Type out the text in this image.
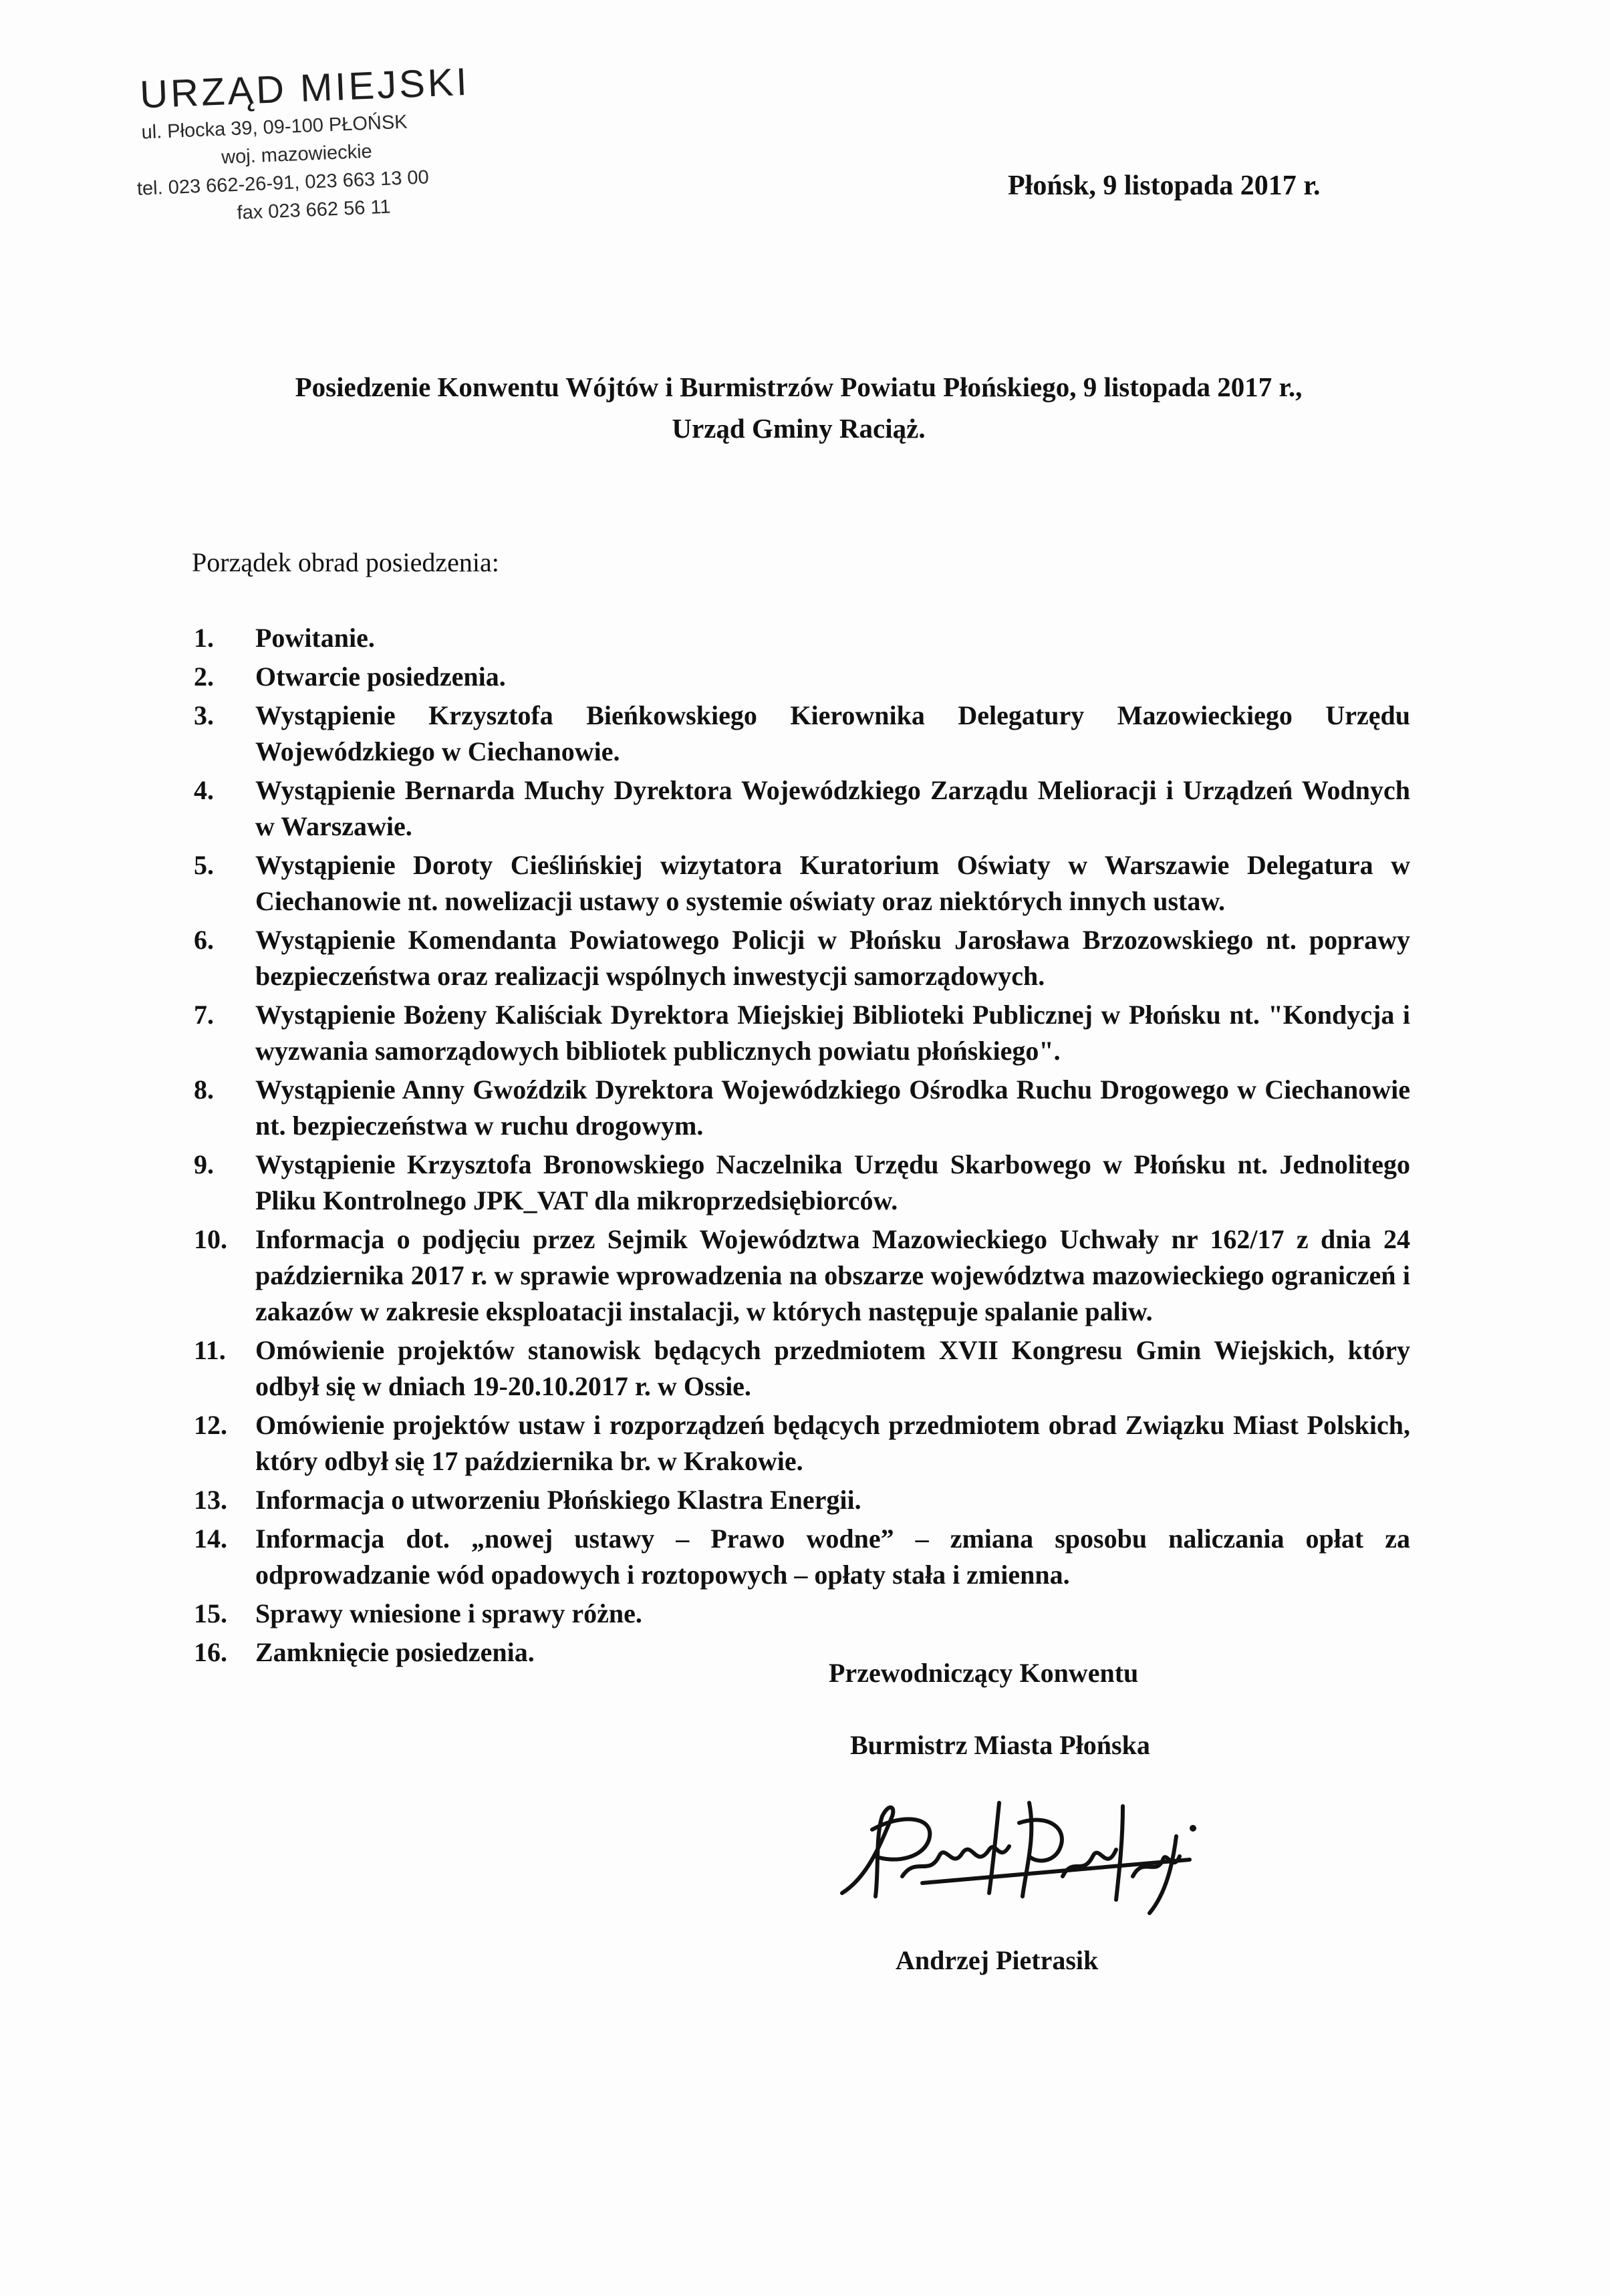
URZĄD MIEJSKI
ul. Płocka 39, 09-100 PŁOŃSK
woj. mazowieckie
tel. 023 662-26-91, 023 663 13 00
fax 023 662 56 11
Płońsk, 9 listopada 2017 r.
Posiedzenie Konwentu Wójtów i Burmistrzów Powiatu Płońskiego, 9 listopada 2017 r.,
Urząd Gminy Raciąż.
Porządek obrad posiedzenia:
1.	Powitanie.
2.	Otwarcie posiedzenia.
3.	Wystąpienie Krzysztofa Bieńkowskiego Kierownika Delegatury Mazowieckiego Urzędu Wojewódzkiego w Ciechanowie.
4.	Wystąpienie Bernarda Muchy Dyrektora Wojewódzkiego Zarządu Melioracji i Urządzeń Wodnych w Warszawie.
5.	Wystąpienie Doroty Cieślińskiej wizytatora Kuratorium Oświaty w Warszawie Delegatura w Ciechanowie nt. nowelizacji ustawy o systemie oświaty oraz niektórych innych ustaw.
6.	Wystąpienie Komendanta Powiatowego Policji w Płońsku Jarosława Brzozowskiego nt. poprawy bezpieczeństwa oraz realizacji wspólnych inwestycji samorządowych.
7.	Wystąpienie Bożeny Kaliściak Dyrektora Miejskiej Biblioteki Publicznej w Płońsku nt. "Kondycja i wyzwania samorządowych bibliotek publicznych powiatu płońskiego".
8.	Wystąpienie Anny Gwoździk Dyrektora Wojewódzkiego Ośrodka Ruchu Drogowego w Ciechanowie nt. bezpieczeństwa w ruchu drogowym.
9.	Wystąpienie Krzysztofa Bronowskiego Naczelnika Urzędu Skarbowego w Płońsku nt. Jednolitego Pliku Kontrolnego JPK_VAT dla mikroprzedsiębiorców.
10.	Informacja o podjęciu przez Sejmik Województwa Mazowieckiego Uchwały nr 162/17 z dnia 24 października 2017 r. w sprawie wprowadzenia na obszarze województwa mazowieckiego ograniczeń i zakazów w zakresie eksploatacji instalacji, w których następuje spalanie paliw.
11.	Omówienie projektów stanowisk będących przedmiotem XVII Kongresu Gmin Wiejskich, który odbył się w dniach 19-20.10.2017 r. w Ossie.
12.	Omówienie projektów ustaw i rozporządzeń będących przedmiotem obrad Związku Miast Polskich, który odbył się 17 października br. w Krakowie.
13.	Informacja o utworzeniu Płońskiego Klastra Energii.
14.	Informacja dot. „nowej ustawy – Prawo wodne” – zmiana sposobu naliczania opłat za odprowadzanie wód opadowych i roztopowych – opłaty stała i zmienna.
15.	Sprawy wniesione i sprawy różne.
16.	Zamknięcie posiedzenia.
Przewodniczący Konwentu
Burmistrz Miasta Płońska
Andrzej Pietrasik
